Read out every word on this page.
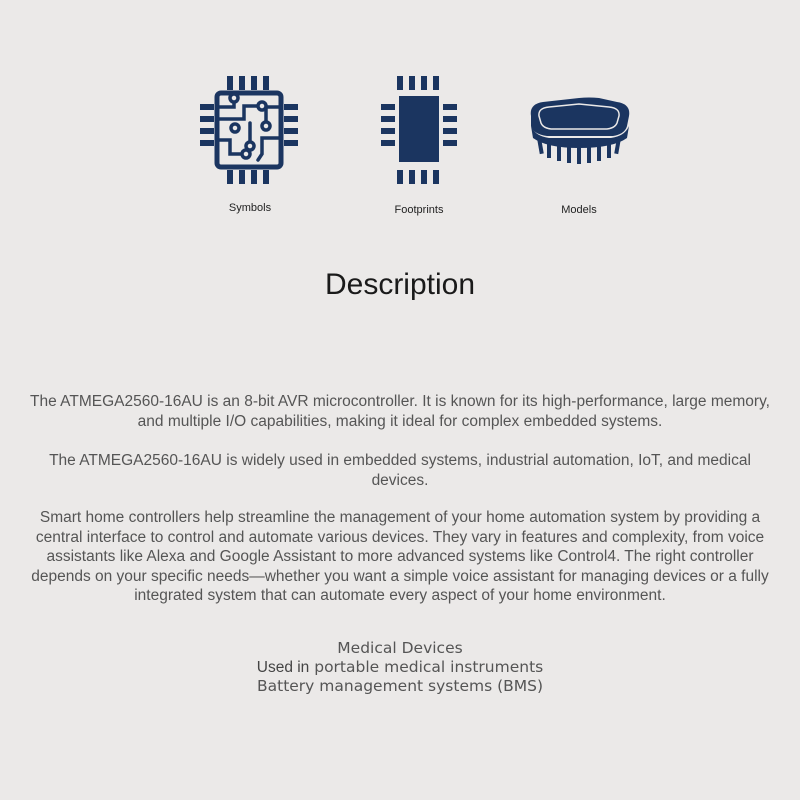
Symbols	Footprints	Models
Description
The ATMEGA2560-16AU is an 8-bit AVR microcontroller. It is known for its high-performance, large memory, and multiple I/O capabilities, making it ideal for complex embedded systems.
The ATMEGA2560-16AU is widely used in embedded systems, industrial automation, IoT, and medical devices.
Smart home controllers help streamline the management of your home automation system by providing a central interface to control and automate various devices. They vary in features and complexity, from voice assistants like Alexa and Google Assistant to more advanced systems like Control4. The right controller depends on your specific needs—whether you want a simple voice assistant for managing devices or a fully integrated system that can automate every aspect of your home environment.
Medical Devices
Used in portable medical instruments
Battery management systems (BMS)
